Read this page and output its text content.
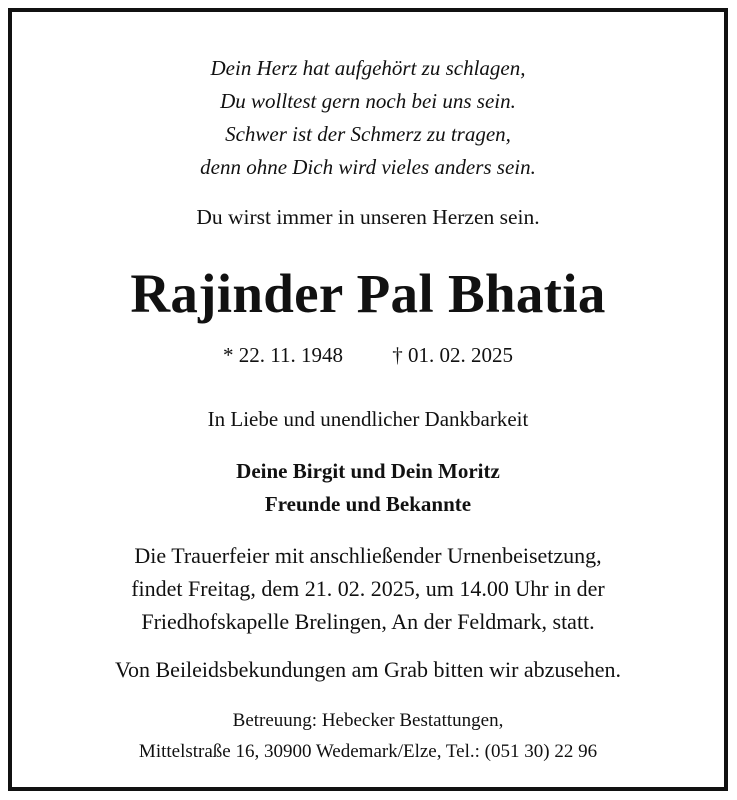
Dein Herz hat aufgehört zu schlagen,
Du wolltest gern noch bei uns sein.
Schwer ist der Schmerz zu tragen,
denn ohne Dich wird vieles anders sein.
Du wirst immer in unseren Herzen sein.
Rajinder Pal Bhatia
* 22. 11. 1948 † 01. 02. 2025
In Liebe und unendlicher Dankbarkeit
Deine Birgit und Dein Moritz
Freunde und Bekannte
Die Trauerfeier mit anschließender Urnenbeisetzung,
findet Freitag, dem 21. 02. 2025, um 14.00 Uhr in der
Friedhofskapelle Brelingen, An der Feldmark, statt.
Von Beileidsbekundungen am Grab bitten wir abzusehen.
Betreuung: Hebecker Bestattungen,
Mittelstraße 16, 30900 Wedemark/Elze, Tel.: (051 30) 22 96
